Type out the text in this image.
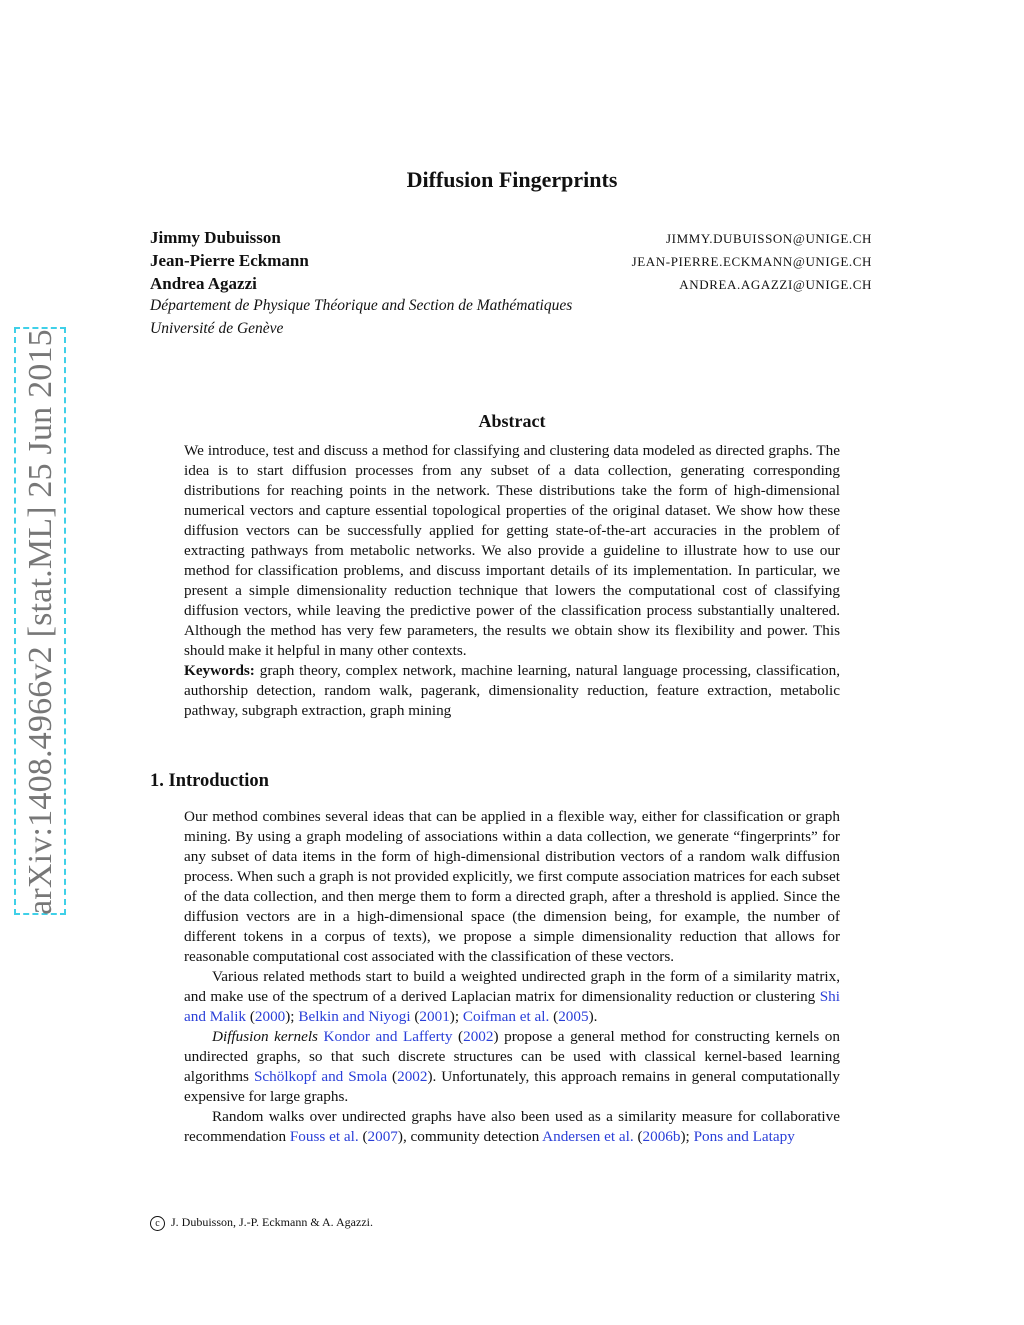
arXiv:1408.4966v2 [stat.ML] 25 Jun 2015
Diffusion Fingerprints
Jimmy Dubuisson	JIMMY.DUBUISSON@UNIGE.CH
Jean-Pierre Eckmann	JEAN-PIERRE.ECKMANN@UNIGE.CH
Andrea Agazzi	ANDREA.AGAZZI@UNIGE.CH
Département de Physique Théorique and Section de Mathématiques
Université de Genève
Abstract

We introduce, test and discuss a method for classifying and clustering data modeled as directed graphs. The idea is to start diffusion processes from any subset of a data collection, generating corresponding distributions for reaching points in the network. These distributions take the form of high-dimensional numerical vectors and capture essential topological properties of the original dataset. We show how these diffusion vectors can be successfully applied for getting state-of-the-art accuracies in the problem of extracting pathways from metabolic networks. We also provide a guideline to illustrate how to use our method for classification problems, and discuss important details of its implementation. In particular, we present a simple dimensionality reduction technique that lowers the computational cost of classifying diffusion vectors, while leaving the predictive power of the classification process substantially unaltered. Although the method has very few parameters, the results we obtain show its flexibility and power. This should make it helpful in many other contexts.

Keywords: graph theory, complex network, machine learning, natural language processing, classification, authorship detection, random walk, pagerank, dimensionality reduction, feature extraction, metabolic pathway, subgraph extraction, graph mining

1. Introduction

Our method combines several ideas that can be applied in a flexible way, either for classification or graph mining. By using a graph modeling of associations within a data collection, we generate “fingerprints” for any subset of data items in the form of high-dimensional distribution vectors of a random walk diffusion process. When such a graph is not provided explicitly, we first compute association matrices for each subset of the data collection, and then merge them to form a directed graph, after a threshold is applied. Since the diffusion vectors are in a high-dimensional space (the dimension being, for example, the number of different tokens in a corpus of texts), we propose a simple dimensionality reduction that allows for reasonable computational cost associated with the classification of these vectors.

Various related methods start to build a weighted undirected graph in the form of a similarity matrix, and make use of the spectrum of a derived Laplacian matrix for dimensionality reduction or clustering Shi and Malik (2000); Belkin and Niyogi (2001); Coifman et al. (2005).

Diffusion kernels Kondor and Lafferty (2002) propose a general method for constructing kernels on undirected graphs, so that such discrete structures can be used with classical kernel-based learning algorithms Schölkopf and Smola (2002). Unfortunately, this approach remains in general computationally expensive for large graphs.

Random walks over undirected graphs have also been used as a similarity measure for collaborative recommendation Fouss et al. (2007), community detection Andersen et al. (2006b); Pons and Latapy

c J. Dubuisson, J.-P. Eckmann & A. Agazzi.
